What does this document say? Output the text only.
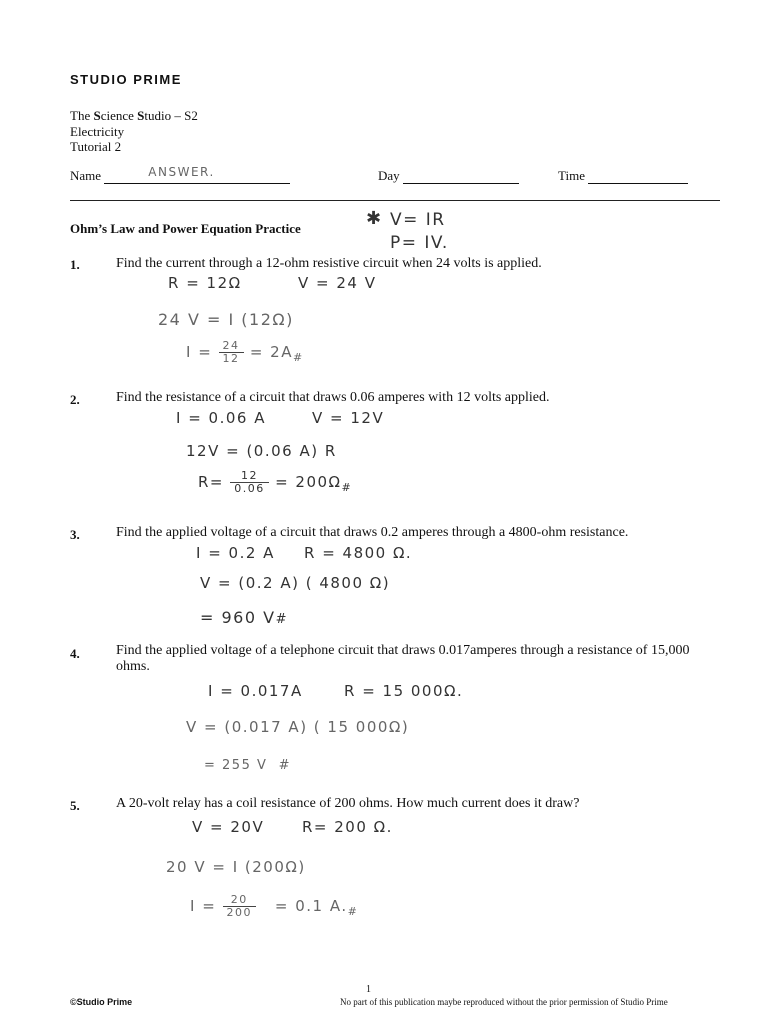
STUDIO PRIME
The Science Studio – S2
Electricity
Tutorial 2
Name	ANSWER.	Day	Time
Ohm’s Law and Power Equation Practice	✱ V= IR
P= IV.
1.	Find the current through a 12-ohm resistive circuit when 24 volts is applied.
R = 12Ω	V = 24 V
24 V = I (12Ω)
$I = \frac{24}{12} = 2A_{\#}$
2.	Find the resistance of a circuit that draws 0.06 amperes with 12 volts applied.
I = 0.06 A	V = 12V
12V = (0.06 A) R
$R= \frac{12}{0.06} = 200\Omega_{\#}$
3.	Find the applied voltage of a circuit that draws 0.2 amperes through a 4800-ohm resistance.
I = 0.2 A R = 4800 Ω.
V = (0.2 A) ( 4800 Ω)
= 960 V#
4.	Find the applied voltage of a telephone circuit that draws 0.017amperes through a resistance of 15,000 ohms.
I = 0.017A	R = 15 000Ω.
V = (0.017 A) ( 15 000Ω)
= 255 V #
5.	A 20-volt relay has a coil resistance of 200 ohms. How much current does it draw?
V = 20V	R= 200 Ω.
20 V = I (200Ω)
$I = \frac{20}{200} = 0.1$ $A._{\#}$
1
©Studio Prime	No part of this publication maybe reproduced without the prior permission of Studio Prime
